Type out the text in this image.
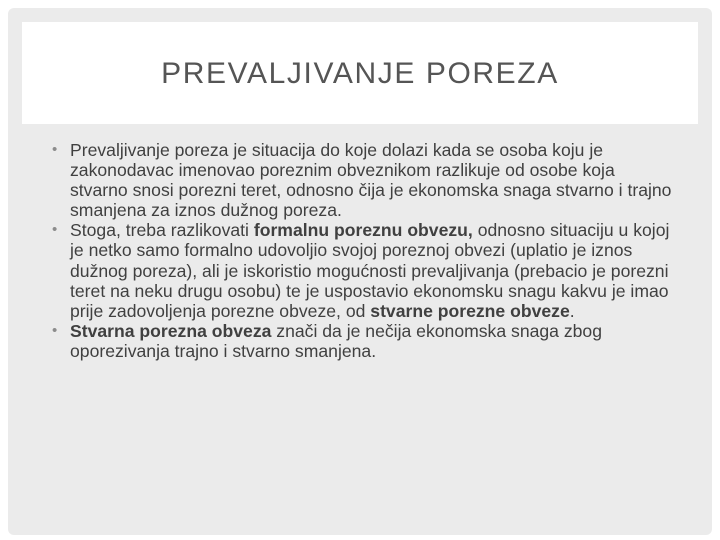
PREVALJIVANJE POREZA
• Prevaljivanje poreza je situacija do koje dolazi kada se osoba koju je zakonodavac imenovao poreznim obveznikom razlikuje od osobe koja stvarno snosi porezni teret, odnosno čija je ekonomska snaga stvarno i trajno smanjena za iznos dužnog poreza.
• Stoga, treba razlikovati formalnu poreznu obvezu, odnosno situaciju u kojoj je netko samo formalno udovoljio svojoj poreznoj obvezi (uplatio je iznos dužnog poreza), ali je iskoristio mogućnosti prevaljivanja (prebacio je porezni teret na neku drugu osobu) te je uspostavio ekonomsku snagu kakvu je imao prije zadovoljenja porezne obveze, od stvarne porezne obveze.
• Stvarna porezna obveza znači da je nečija ekonomska snaga zbog oporezivanja trajno i stvarno smanjena.
